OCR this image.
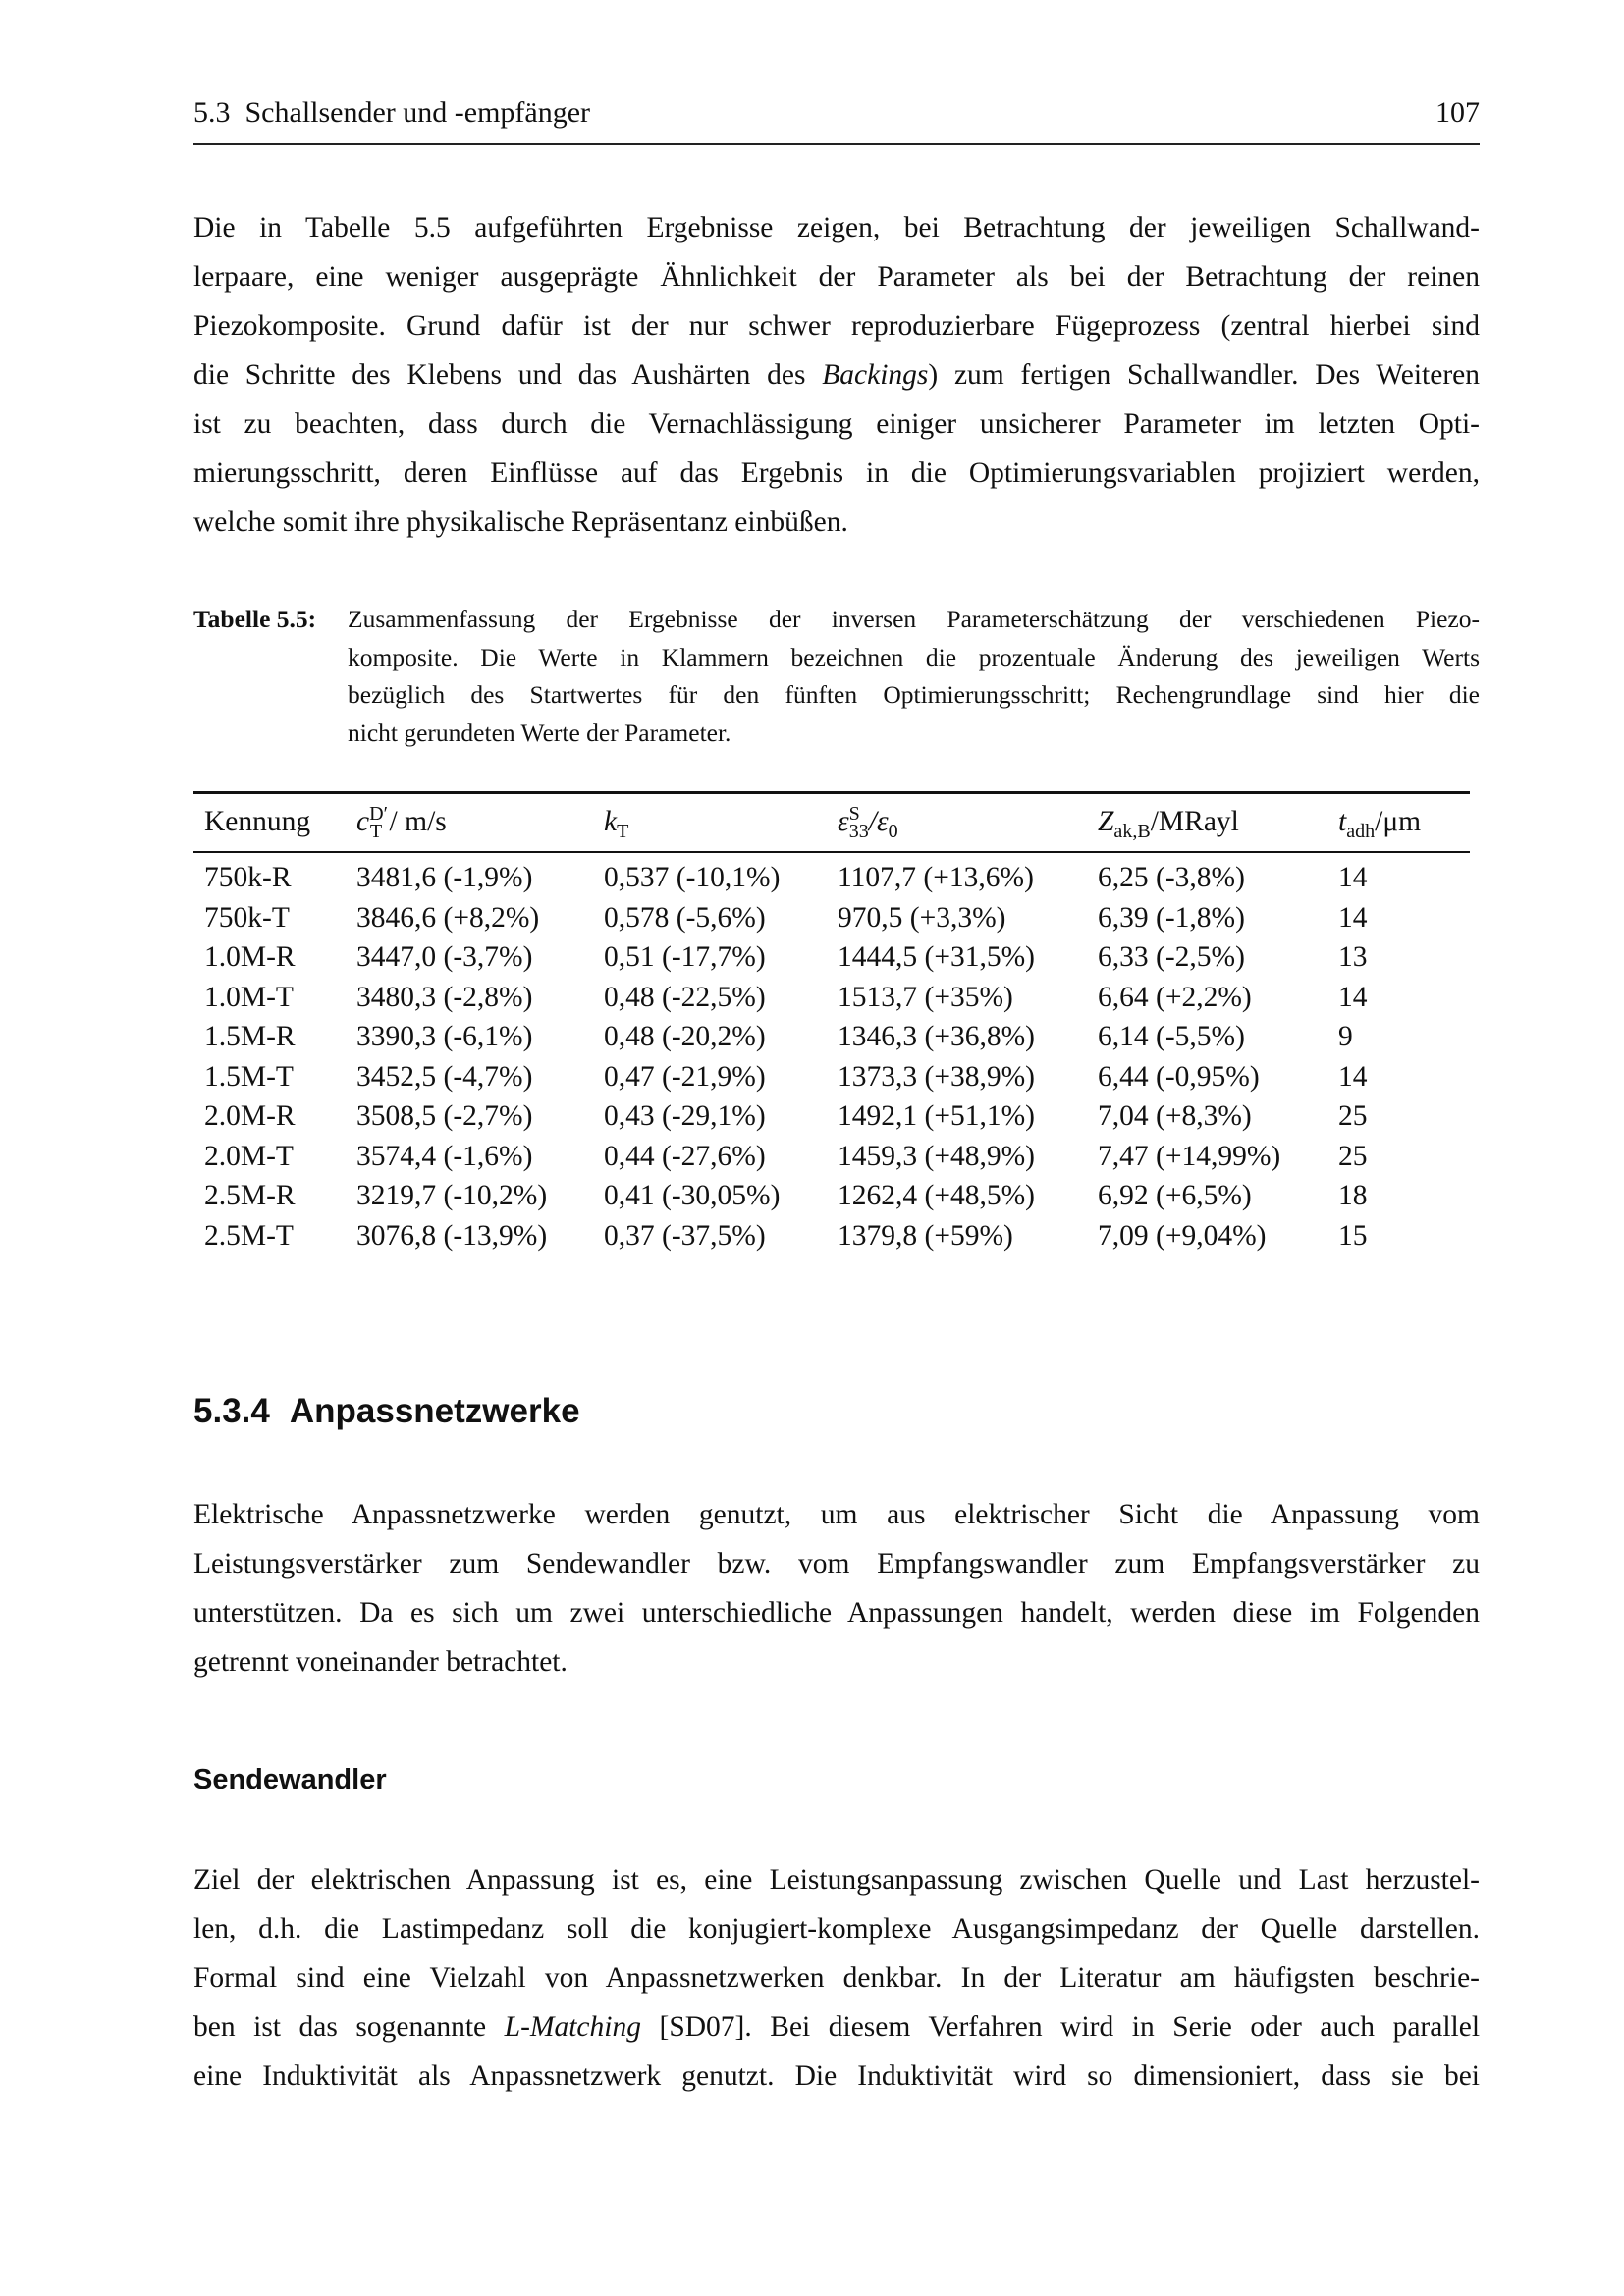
5.3 Schallsender und -empfänger	107
Die in Tabelle 5.5 aufgeführten Ergebnisse zeigen, bei Betrachtung der jeweiligen Schallwand-
lerpaare, eine weniger ausgeprägte Ähnlichkeit der Parameter als bei der Betrachtung der reinen
Piezokomposite. Grund dafür ist der nur schwer reproduzierbare Fügeprozess (zentral hierbei sind
die Schritte des Klebens und das Aushärten des Backings) zum fertigen Schallwandler. Des Weiteren
ist zu beachten, dass durch die Vernachlässigung einiger unsicherer Parameter im letzten Opti-
mierungsschritt, deren Einflüsse auf das Ergebnis in die Optimierungsvariablen projiziert werden,
welche somit ihre physikalische Repräsentanz einbüßen.
Tabelle 5.5: Zusammenfassung der Ergebnisse der inversen Parameterschätzung der verschiedenen Piezo-
komposite. Die Werte in Klammern bezeichnen die prozentuale Änderung des jeweiligen Werts
bezüglich des Startwertes für den fünften Optimierungsschritt; Rechengrundlage sind hier die
nicht gerundeten Werte der Parameter.
Kennung $c^{D'}_T / m/s$	$k_T$	$\varepsilon^S_{33}/\varepsilon_0$	$Z_{ak,B}$/MRayl	$t_{adh}/\mu m$
750k-R 3481,6 (-1,9%) 0,537 (-10,1%) 1107,7 (+13,6%) 6,25 (-3,8%)	14
750k-T 3846,6 (+8,2%) 0,578 (-5,6%) 970,5 (+3,3%)	6,39 (-1,8%)	14
1.0M-R 3447,0 (-3,7%) 0,51 (-17,7%) 1444,5 (+31,5%) 6,33 (-2,5%)	13
1.0M-T 3480,3 (-2,8%) 0,48 (-22,5%) 1513,7 (+35%)	6,64 (+2,2%)	14
1.5M-R 3390,3 (-6,1%) 0,48 (-20,2%) 1346,3 (+36,8%) 6,14 (-5,5%)	9
1.5M-T 3452,5 (-4,7%) 0,47 (-21,9%) 1373,3 (+38,9%) 6,44 (-0,95%)	14
2.0M-R 3508,5 (-2,7%) 0,43 (-29,1%) 1492,1 (+51,1%) 7,04 (+8,3%)	25
2.0M-T 3574,4 (-1,6%) 0,44 (-27,6%) 1459,3 (+48,9%) 7,47 (+14,99%) 25
2.5M-R 3219,7 (-10,2%) 0,41 (-30,05%) 1262,4 (+48,5%) 6,92 (+6,5%)	18
2.5M-T 3076,8 (-13,9%) 0,37 (-37,5%) 1379,8 (+59%)	7,09 (+9,04%) 15
5.3.4 Anpassnetzwerke
Elektrische Anpassnetzwerke werden genutzt, um aus elektrischer Sicht die Anpassung vom
Leistungsverstärker zum Sendewandler bzw. vom Empfangswandler zum Empfangsverstärker zu
unterstützen. Da es sich um zwei unterschiedliche Anpassungen handelt, werden diese im Folgenden
getrennt voneinander betrachtet.
Sendewandler
Ziel der elektrischen Anpassung ist es, eine Leistungsanpassung zwischen Quelle und Last herzustel-
len, d.h. die Lastimpedanz soll die konjugiert-komplexe Ausgangsimpedanz der Quelle darstellen.
Formal sind eine Vielzahl von Anpassnetzwerken denkbar. In der Literatur am häufigsten beschrie-
ben ist das sogenannte L-Matching [SD07]. Bei diesem Verfahren wird in Serie oder auch parallel
eine Induktivität als Anpassnetzwerk genutzt. Die Induktivität wird so dimensioniert, dass sie bei
